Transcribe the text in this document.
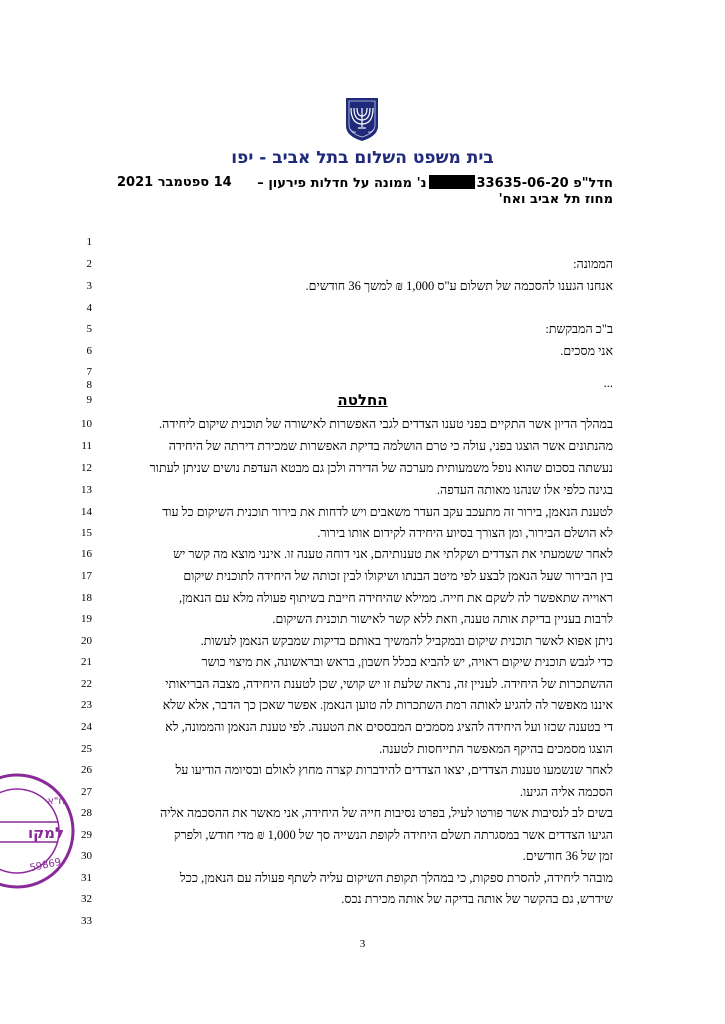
בית משפט השלום בתל אביב - יפו
חדל"פ 33635-06-20נ' ממונה על חדלות פירעון –
מחוז תל אביב ואח'
14 ספטמבר 2021
1
2
3
4
5
6
7
8
9
10
11
12
13
14
15
16
17
18
19
20
21
22
23
24
25
26
27
28
29
30
31
32
33
הממונה:
אנחנו הגענו להסכמה של תשלום ע"ס 1,000 ₪ למשך 36 חודשים.
ב"כ המבקשת:
אני מסכים.
...
החלטה
במהלך הדיון אשר התקיים בפני טענו הצדדים לגבי האפשרות לאישורה של תוכנית שיקום ליחידה.
מהנתונים אשר הוצגו בפני, עולה כי טרם הושלמה בדיקת האפשרות שמכירת דירתה של היחידה
נעשתה בסכום שהוא נופל משמעותית מערכה של הדירה ולכן גם מבטא העדפת נושים שניתן לעתור
בגינה כלפי אלו שנהנו מאותה העדפה.
לטענת הנאמן, בירור זה מתעכב עקב העדר משאבים ויש לדחות את בירור תוכנית השיקום כל עוד
לא הושלם הבירור, ומן הצורך בסיוע היחידה לקידום אותו בירור.
לאחר ששמעתי את הצדדים ושקלתי את טענותיהם, אני דוחה טענה זו. אינני מוצא מה קשר יש
בין הבירור שעל הנאמן לבצע לפי מיטב הבנתו ושיקולו לבין זכותה של היחידה לתוכנית שיקום
ראוייה שתאפשר לה לשקם את חייה. ממילא שהיחידה חייבת בשיתוף פעולה מלא עם הנאמן,
לרבות בעניין בדיקת אותה טענה, וזאת ללא קשר לאישור תוכנית השיקום.
ניתן אפוא לאשר תוכנית שיקום ובמקביל להמשיך באותם בדיקות שמבקש הנאמן לעשות.
כדי לגבש תוכנית שיקום ראויה, יש להביא בכלל חשבון, בראש ובראשונה, את מיצוי כושר
ההשתכרות של היחידה. לעניין זה, נראה שלעת זו יש קושי, שכן לטענת היחידה, מצבה הבריאותי
איננו מאפשר לה להגיע לאותה רמת השתכרות לה טוען הנאמן. אפשר שאכן כך הדבר, אלא שלא
די בטענה שכזו ועל היחידה להציג מסמכים המבססים את הטענה. לפי טענת הנאמן והממונה, לא
הוצגו מסמכים בהיקף המאפשר התייחסות לטענה.
לאחר שנשמעו טענות הצדדים, יצאו הצדדים להידברות קצרה מחוץ לאולם ובסיומה הודיעו על
הסכמה אליה הגיעו.
בשים לב לנסיבות אשר פורטו לעיל, בפרט נסיבות חייה של היחידה, אני מאשר את ההסכמה אליה
הגיעו הצדדים אשר במסגרתה תשלם היחידה לקופת הנשייה סך של 1,000 ₪ מדי חודש, ולפרק
זמן של 36 חודשים.
מובהר ליחידה, להסרת ספקות, כי במהלך תקופת השיקום עליה לשתף פעולה עם הנאמן, ככל
שידרש, גם בהקשר של אותה בדיקה של אותה מכירת נכס.
3
ח"א
למקו
59869
